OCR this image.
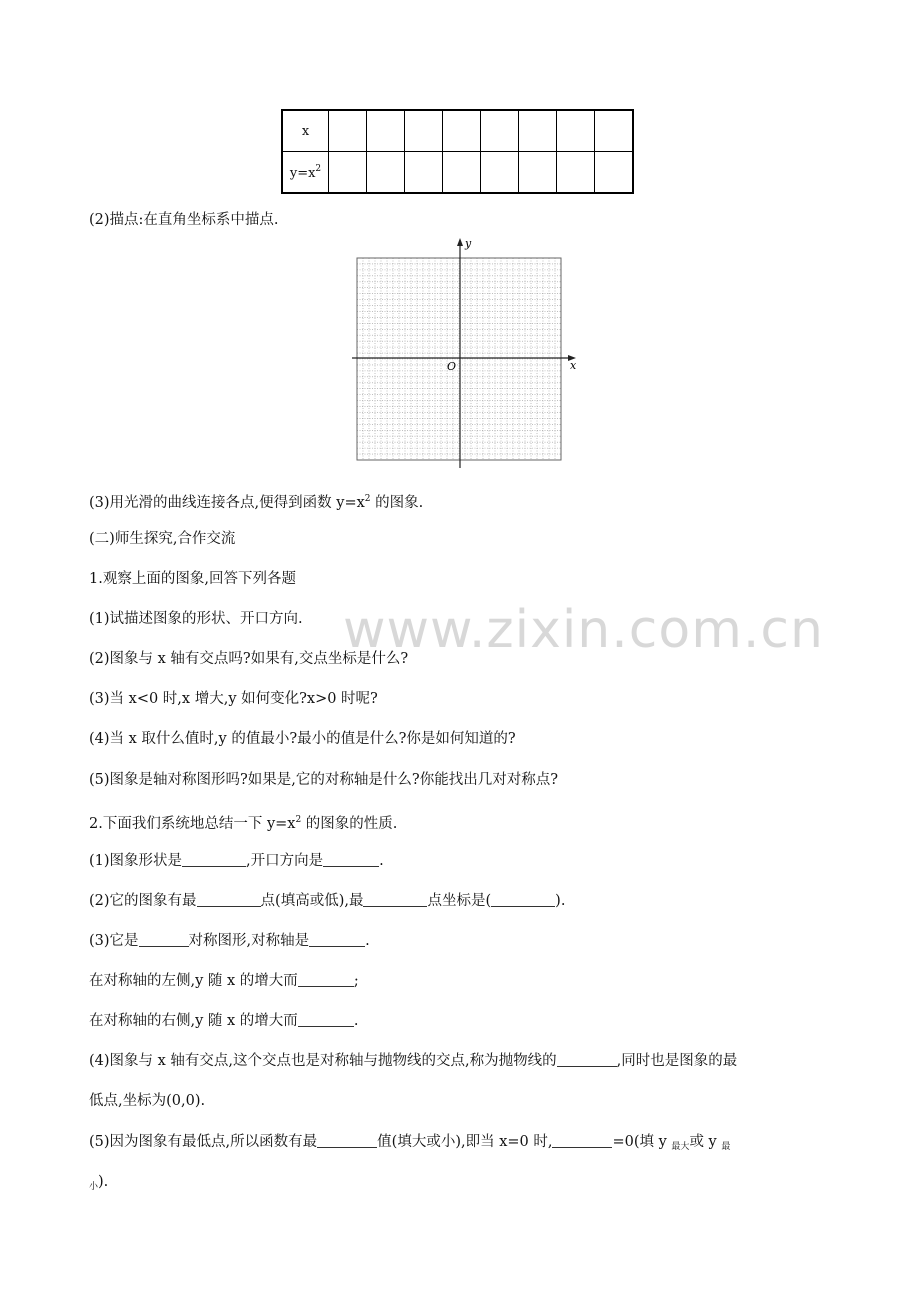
x								
$y=x^2$								
(2)描点:在直角坐标系中描点.
y
x
O
(3)用光滑的曲线连接各点,便得到函数 $y=x^2$ 的图象.
(二)师生探究,合作交流
1.观察上面的图象,回答下列各题
(1)试描述图象的形状、开口方向.
(2)图象与 x 轴有交点吗?如果有,交点坐标是什么?
(3)当 x<0 时,x 增大,y 如何变化?x>0 时呢?
(4)当 x 取什么值时,y 的值最小?最小的值是什么?你是如何知道的?
(5)图象是轴对称图形吗?如果是,它的对称轴是什么?你能找出几对对称点?
2.下面我们系统地总结一下 $y=x^2$ 的图象的性质.
(1)图象形状是	,开口方向是	.
(2)它的图象有最	点(填高或低),最	点坐标是(	).
(3)它是	对称图形,对称轴是	.
在对称轴的左侧,y 随 x 的增大而	;
在对称轴的右侧,y 随 x 的增大而	.
(4)图象与 x 轴有交点,这个交点也是对称轴与抛物线的交点,称为抛物线的	,同时也是图象的最
低点,坐标为(0,0).
(5)因为图象有最低点,所以函数有最	值(填大或小),即当 x=0 时,	=0(填 y $_{最大}$或 y $_最$
$_小$).
www.zixin.com.cn
